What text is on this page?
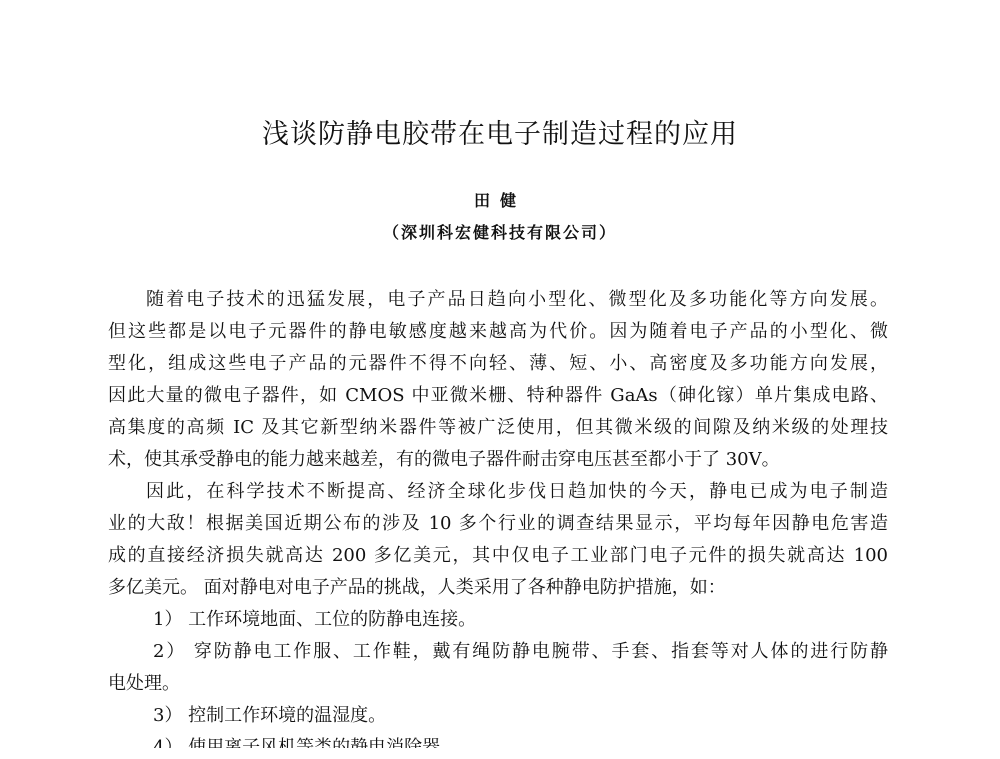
浅谈防静电胶带在电子制造过程的应用
田健
（深圳科宏健科技有限公司）
随着电子技术的迅猛发展，电子产品日趋向小型化、微型化及多功能化等方向发展。
但这些都是以电子元器件的静电敏感度越来越高为代价。因为随着电子产品的小型化、微
型化，组成这些电子产品的元器件不得不向轻、薄、短、小、高密度及多功能方向发展，
因此大量的微电子器件，如 CMOS 中亚微米栅、特种器件 GaAs（砷化镓）单片集成电路、
高集度的高频 IC 及其它新型纳米器件等被广泛使用，但其微米级的间隙及纳米级的处理技
术，使其承受静电的能力越来越差，有的微电子器件耐击穿电压甚至都小于了 30V。
因此，在科学技术不断提高、经济全球化步伐日趋加快的今天，静电已成为电子制造
业的大敌！根据美国近期公布的涉及 10 多个行业的调查结果显示，平均每年因静电危害造
成的直接经济损失就高达 200 多亿美元，其中仅电子工业部门电子元件的损失就高达 100
多亿美元。 面对静电对电子产品的挑战，人类采用了各种静电防护措施，如：
1） 工作环境地面、工位的防静电连接。
2） 穿防静电工作服、工作鞋，戴有绳防静电腕带、手套、指套等对人体的进行防静
电处理。
3） 控制工作环境的温湿度。
